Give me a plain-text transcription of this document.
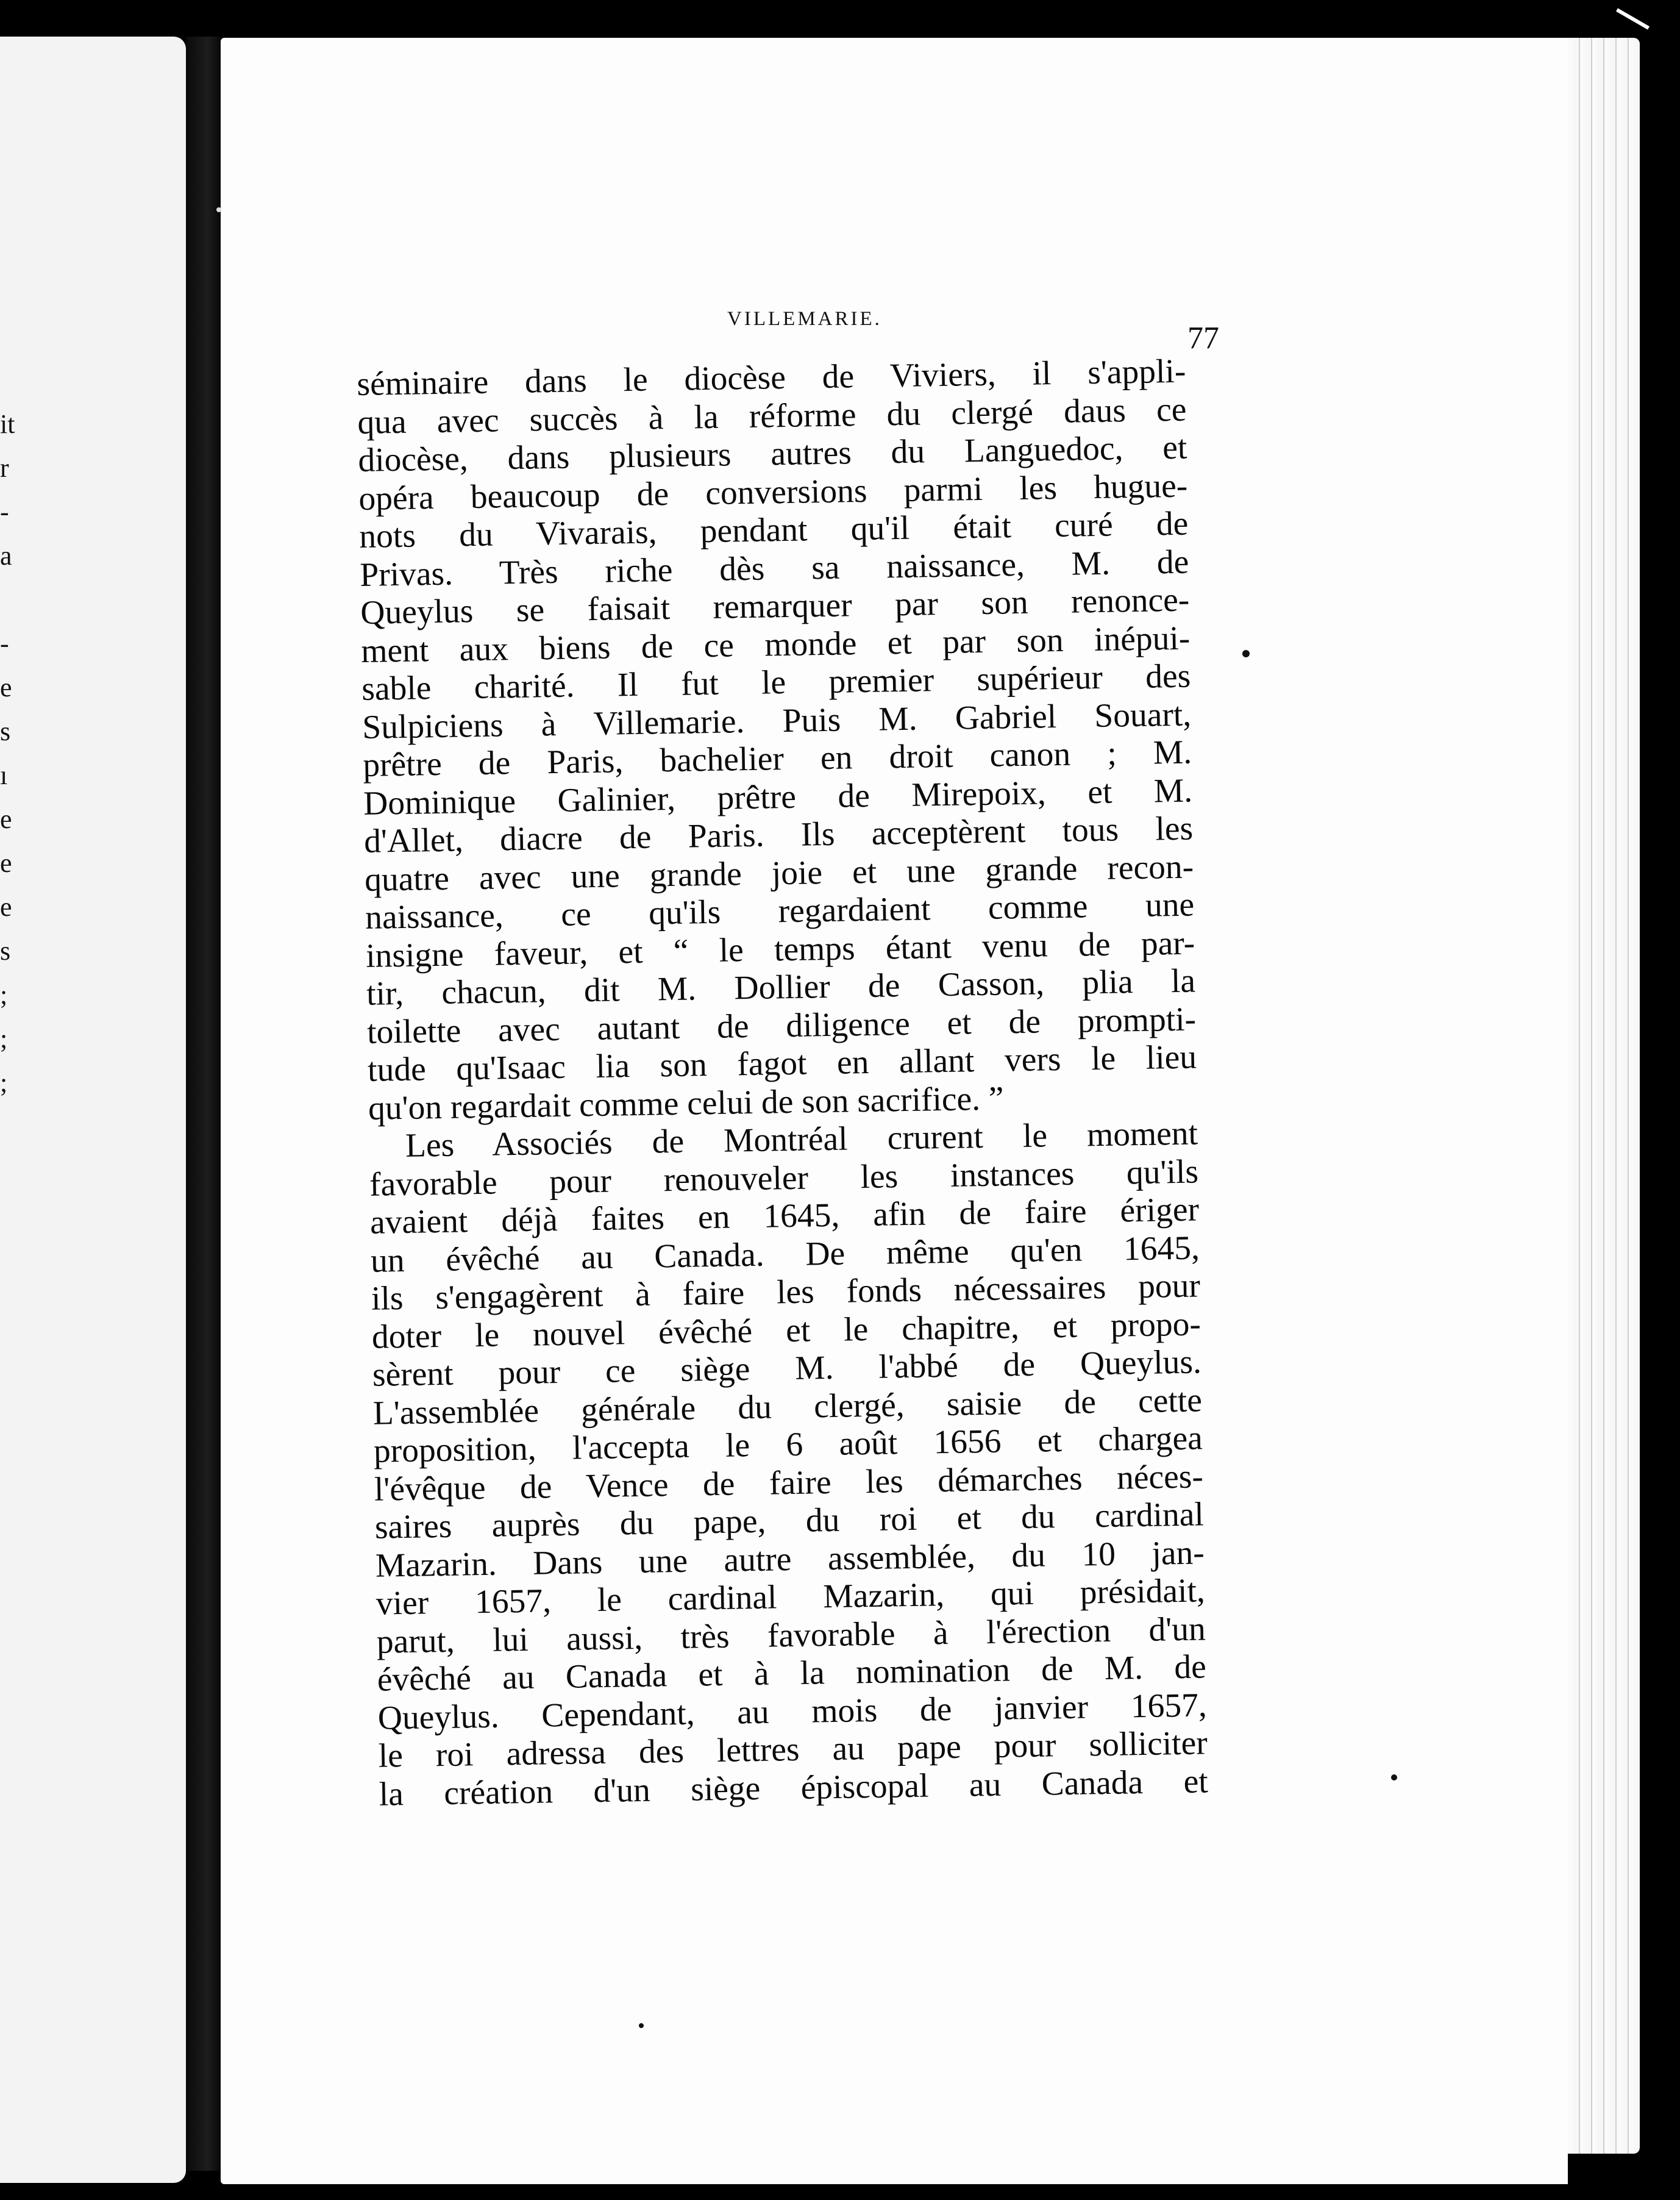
it
r
-
a

-
e
s
ı
e
e
e
s
;
;
;
VILLEMARIE.
77
séminaire dans le diocèse de Viviers, il s'appli-
qua avec succès à la réforme du clergé daus ce
diocèse, dans plusieurs autres du Languedoc, et
opéra beaucoup de conversions parmi les hugue-
nots du Vivarais, pendant qu'il était curé de
Privas. Très riche dès sa naissance, M. de
Queylus se faisait remarquer par son renonce-
ment aux biens de ce monde et par son inépui-
sable charité. Il fut le premier supérieur des
Sulpiciens à Villemarie. Puis M. Gabriel Souart,
prêtre de Paris, bachelier en droit canon ; M.
Dominique Galinier, prêtre de Mirepoix, et M.
d'Allet, diacre de Paris. Ils acceptèrent tous les
quatre avec une grande joie et une grande recon-
naissance, ce qu'ils regardaient comme une
insigne faveur, et “ le temps étant venu de par-
tir, chacun, dit M. Dollier de Casson, plia la
toilette avec autant de diligence et de prompti-
tude qu'Isaac lia son fagot en allant vers le lieu
qu'on regardait comme celui de son sacrifice. ”
Les Associés de Montréal crurent le moment
favorable pour renouveler les instances qu'ils
avaient déjà faites en 1645, afin de faire ériger
un évêché au Canada. De même qu'en 1645,
ils s'engagèrent à faire les fonds nécessaires pour
doter le nouvel évêché et le chapitre, et propo-
sèrent pour ce siège M. l'abbé de Queylus.
L'assemblée générale du clergé, saisie de cette
proposition, l'accepta le 6 août 1656 et chargea
l'évêque de Vence de faire les démarches néces-
saires auprès du pape, du roi et du cardinal
Mazarin. Dans une autre assemblée, du 10 jan-
vier 1657, le cardinal Mazarin, qui présidait,
parut, lui aussi, très favorable à l'érection d'un
évêché au Canada et à la nomination de M. de
Queylus. Cependant, au mois de janvier 1657,
le roi adressa des lettres au pape pour solliciter
la création d'un siège épiscopal au Canada et
